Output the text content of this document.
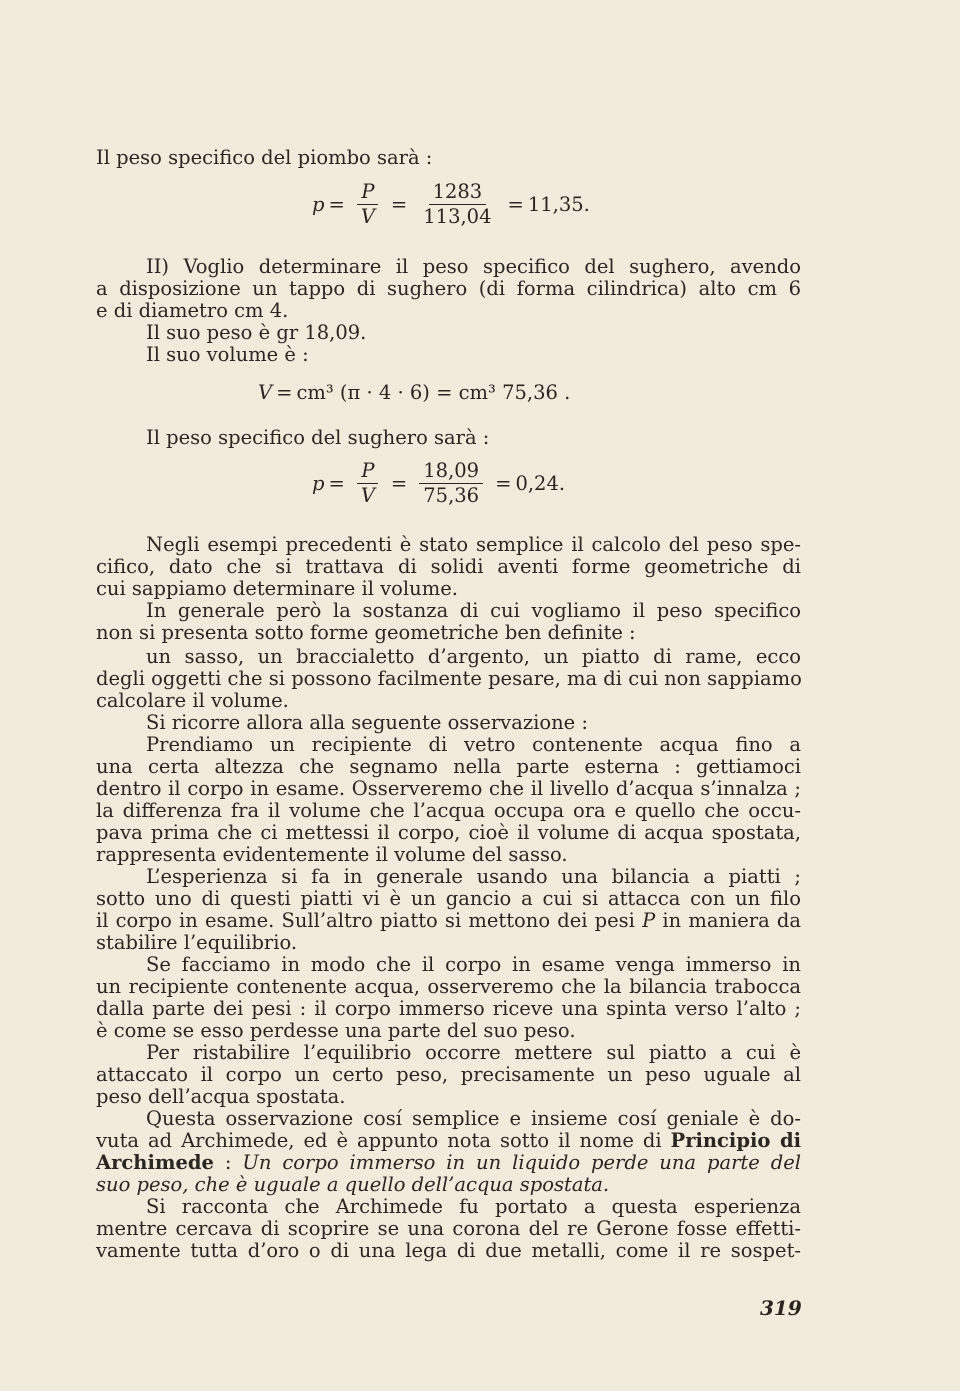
Il peso specifico del piombo sarà :
$p = \frac{P}{V} = \frac{1283}{113,04} = 11,35$.
II) Voglio determinare il peso specifico del sughero, avendo
a disposizione un tappo di sughero (di forma cilindrica) alto cm 6
e di diametro cm 4.
Il suo peso è gr 18,09.
Il suo volume è :
V = cm³ (π · 4 · 6) = cm³ 75,36 .
Il peso specifico del sughero sarà :
$p = \frac{P}{V} = \frac{18,09}{75,36} = 0,24$.
Negli esempi precedenti è stato semplice il calcolo del peso spe-
cifico, dato che si trattava di solidi aventi forme geometriche di
cui sappiamo determinare il volume.
In generale però la sostanza di cui vogliamo il peso specifico
non si presenta sotto forme geometriche ben definite :
un sasso, un braccialetto d’argento, un piatto di rame, ecco
degli oggetti che si possono facilmente pesare, ma di cui non sappiamo
calcolare il volume.
Si ricorre allora alla seguente osservazione :
Prendiamo un recipiente di vetro contenente acqua fino a
una certa altezza che segnamo nella parte esterna : gettiamoci
dentro il corpo in esame. Osserveremo che il livello d’acqua s’innalza ;
la differenza fra il volume che l’acqua occupa ora e quello che occu-
pava prima che ci mettessi il corpo, cioè il volume di acqua spostata,
rappresenta evidentemente il volume del sasso.
L’esperienza si fa in generale usando una bilancia a piatti ;
sotto uno di questi piatti vi è un gancio a cui si attacca con un filo
il corpo in esame. Sull’altro piatto si mettono dei pesi P in maniera da
stabilire l’equilibrio.
Se facciamo in modo che il corpo in esame venga immerso in
un recipiente contenente acqua, osserveremo che la bilancia trabocca
dalla parte dei pesi : il corpo immerso riceve una spinta verso l’alto ;
è come se esso perdesse una parte del suo peso.
Per ristabilire l’equilibrio occorre mettere sul piatto a cui è
attaccato il corpo un certo peso, precisamente un peso uguale al
peso dell’acqua spostata.
Questa osservazione cosí semplice e insieme cosí geniale è do-
vuta ad Archimede, ed è appunto nota sotto il nome di Principio di
Archimede : Un corpo immerso in un liquido perde una parte del
suo peso, che è uguale a quello dell’acqua spostata.
Si racconta che Archimede fu portato a questa esperienza
mentre cercava di scoprire se una corona del re Gerone fosse effetti-
vamente tutta d’oro o di una lega di due metalli, come il re sospet-
319
